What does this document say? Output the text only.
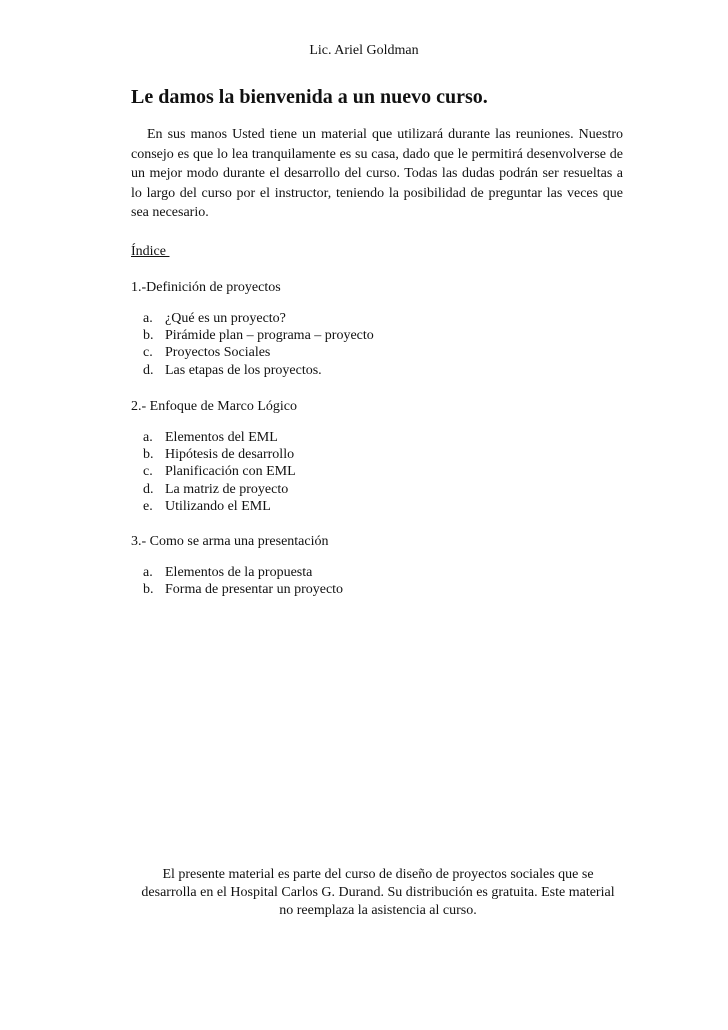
Lic. Ariel Goldman
Le damos la bienvenida a un nuevo curso.

En sus manos Usted tiene un material que utilizará durante las reuniones. Nuestro consejo es que lo lea tranquilamente es su casa, dado que le permitirá desenvolverse de un mejor modo durante el desarrollo del curso. Todas las dudas podrán ser resueltas a lo largo del curso por el instructor, teniendo la posibilidad de preguntar las veces que sea necesario.

Índice

1.-Definición de proyectos

a. ¿Qué es un proyecto?
b. Pirámide plan – programa – proyecto
c. Proyectos Sociales
d. Las etapas de los proyectos.

2.- Enfoque de Marco Lógico

a. Elementos del EML
b. Hipótesis de desarrollo
c. Planificación con EML
d. La matriz de proyecto
e. Utilizando el EML

3.- Como se arma una presentación

a. Elementos de la propuesta
b. Forma de presentar un proyecto

El presente material es parte del curso de diseño de proyectos sociales que se desarrolla en el Hospital Carlos G. Durand. Su distribución es gratuita. Este material no reemplaza la asistencia al curso.
